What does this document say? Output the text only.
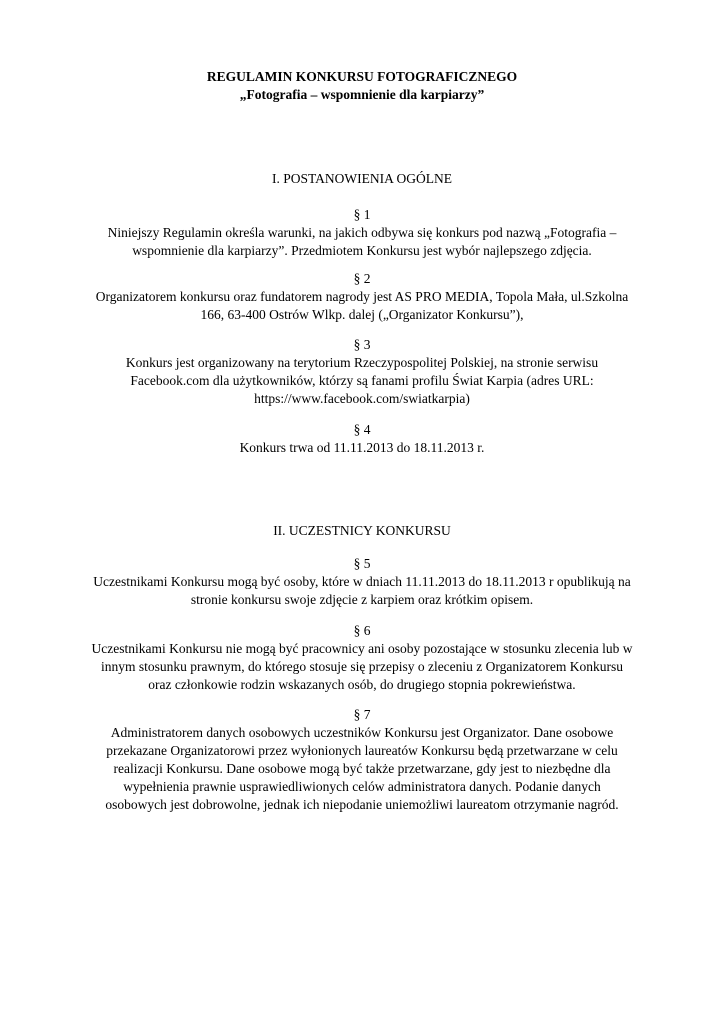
REGULAMIN KONKURSU FOTOGRAFICZNEGO
„Fotografia – wspomnienie dla karpiarzy”
I. POSTANOWIENIA OGÓLNE
§ 1
Niniejszy Regulamin określa warunki, na jakich odbywa się konkurs pod nazwą „Fotografia –
wspomnienie dla karpiarzy”. Przedmiotem Konkursu jest wybór najlepszego zdjęcia.
§ 2
Organizatorem konkursu oraz fundatorem nagrody jest AS PRO MEDIA, Topola Mała, ul.Szkolna
166, 63-400 Ostrów Wlkp. dalej („Organizator Konkursu”),
§ 3
Konkurs jest organizowany na terytorium Rzeczypospolitej Polskiej, na stronie serwisu
Facebook.com dla użytkowników, którzy są fanami profilu Świat Karpia (adres URL:
https://www.facebook.com/swiatkarpia)
§ 4
Konkurs trwa od 11.11.2013 do 18.11.2013 r.
II. UCZESTNICY KONKURSU
§ 5
Uczestnikami Konkursu mogą być osoby, które w dniach 11.11.2013 do 18.11.2013 r opublikują na
stronie konkursu swoje zdjęcie z karpiem oraz krótkim opisem.
§ 6
Uczestnikami Konkursu nie mogą być pracownicy ani osoby pozostające w stosunku zlecenia lub w
innym stosunku prawnym, do którego stosuje się przepisy o zleceniu z Organizatorem Konkursu
oraz członkowie rodzin wskazanych osób, do drugiego stopnia pokrewieństwa.
§ 7
Administratorem danych osobowych uczestników Konkursu jest Organizator. Dane osobowe
przekazane Organizatorowi przez wyłonionych laureatów Konkursu będą przetwarzane w celu
realizacji Konkursu. Dane osobowe mogą być także przetwarzane, gdy jest to niezbędne dla
wypełnienia prawnie usprawiedliwionych celów administratora danych. Podanie danych
osobowych jest dobrowolne, jednak ich niepodanie uniemożliwi laureatom otrzymanie nagród.
